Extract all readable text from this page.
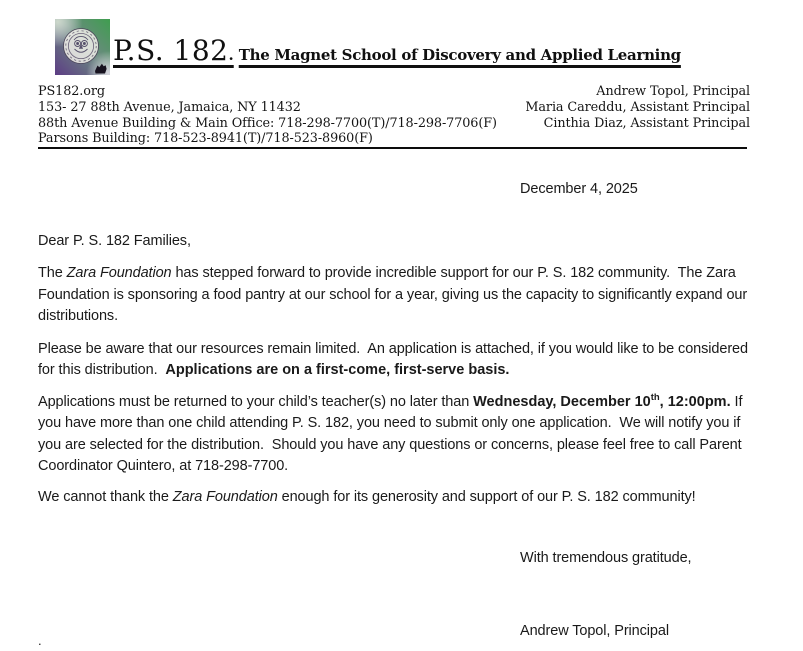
P.S. 182. The Magnet School of Discovery and Applied Learning
PS182.org
153- 27 88th Avenue, Jamaica, NY 11432
88th Avenue Building & Main Office: 718-298-7700(T)/718-298-7706(F)
Andrew Topol, Principal
Maria Careddu, Assistant Principal
Cinthia Diaz, Assistant Principal
Parsons Building: 718-523-8941(T)/718-523-8960(F)

December 4, 2025

Dear P. S. 182 Families,

The Zara Foundation has stepped forward to provide incredible support for our P. S. 182 community.  The Zara Foundation is sponsoring a food pantry at our school for a year, giving us the capacity to significantly expand our distributions.

Please be aware that our resources remain limited.  An application is attached, if you would like to be considered for this distribution.  Applications are on a first-come, first-serve basis.

Applications must be returned to your child’s teacher(s) no later than Wednesday, December 10th, 12:00pm. If you have more than one child attending P. S. 182, you need to submit only one application.  We will notify you if you are selected for the distribution.  Should you have any questions or concerns, please feel free to call Parent Coordinator Quintero, at 718-298-7700.

We cannot thank the Zara Foundation enough for its generosity and support of our P. S. 182 community!

With tremendous gratitude,

Andrew Topol, Principal

.
